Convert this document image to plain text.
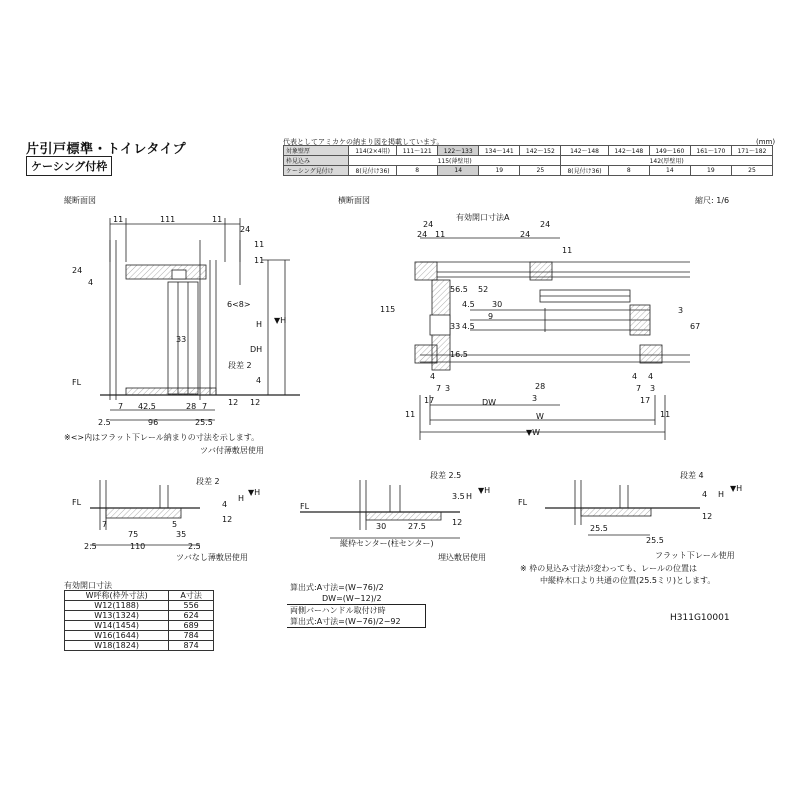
片引戸標準・トイレタイプ
ケーシング付枠
代表としてアミカケの納まり図を掲載しています。	(mm)
対象壁厚	114(2×4用)	111～121	122～133	134～141	142～152	142～148	142～148	149～160	161～170	171～182
枠見込み	115(薄壁用)					142(厚壁用)				
ケーシング見付け	8(見付け36)	8	14	19	25	8(見付け36)	8	14	19	25
縦断面図	横断面図	縮尺: 1/6
11	111	11
11
24
11
24
4
6<8>
DH
H ▼H
33
段差 2
4
12 12
FL
7 42.5	28 7
2.5	96	25.5
※<>内はフラット下レール納まりの寸法を示します。
ツバ付薄敷居使用
有効開口寸法A
24
24 11
24
24
11
115
56.5 52
30
4.5
33 4.5
16.5
9
4
3
3
67
17
7
3
28
4
7
17
4
3
11
DW
W	11
▼W
FL
段差 2
4
▼H
H
12
7
75
5
35
2.5	110	2.5
ツバなし薄敷居使用
FL
段差 2.5
3.5
▼H
H
12
30	27.5
縦枠センター(柱センター)
埋込敷居使用
FL
段差 4
4
▼H
H
12
25.5
25.5
フラット下レール使用
※ 枠の見込み寸法が変わっても、レールの位置は
中縦枠木口より共通の位置(25.5ミリ)とします。
有効開口寸法
W呼称(枠外寸法)	A寸法
W12(1188)	556
W13(1324)	624
W14(1454)	689
W16(1644)	784
W18(1824)	874
算出式:A寸法=(W−76)/2
DW=(W−12)/2
両側バーハンドル取付け時
算出式:A寸法=(W−76)/2−92	H311G10001
